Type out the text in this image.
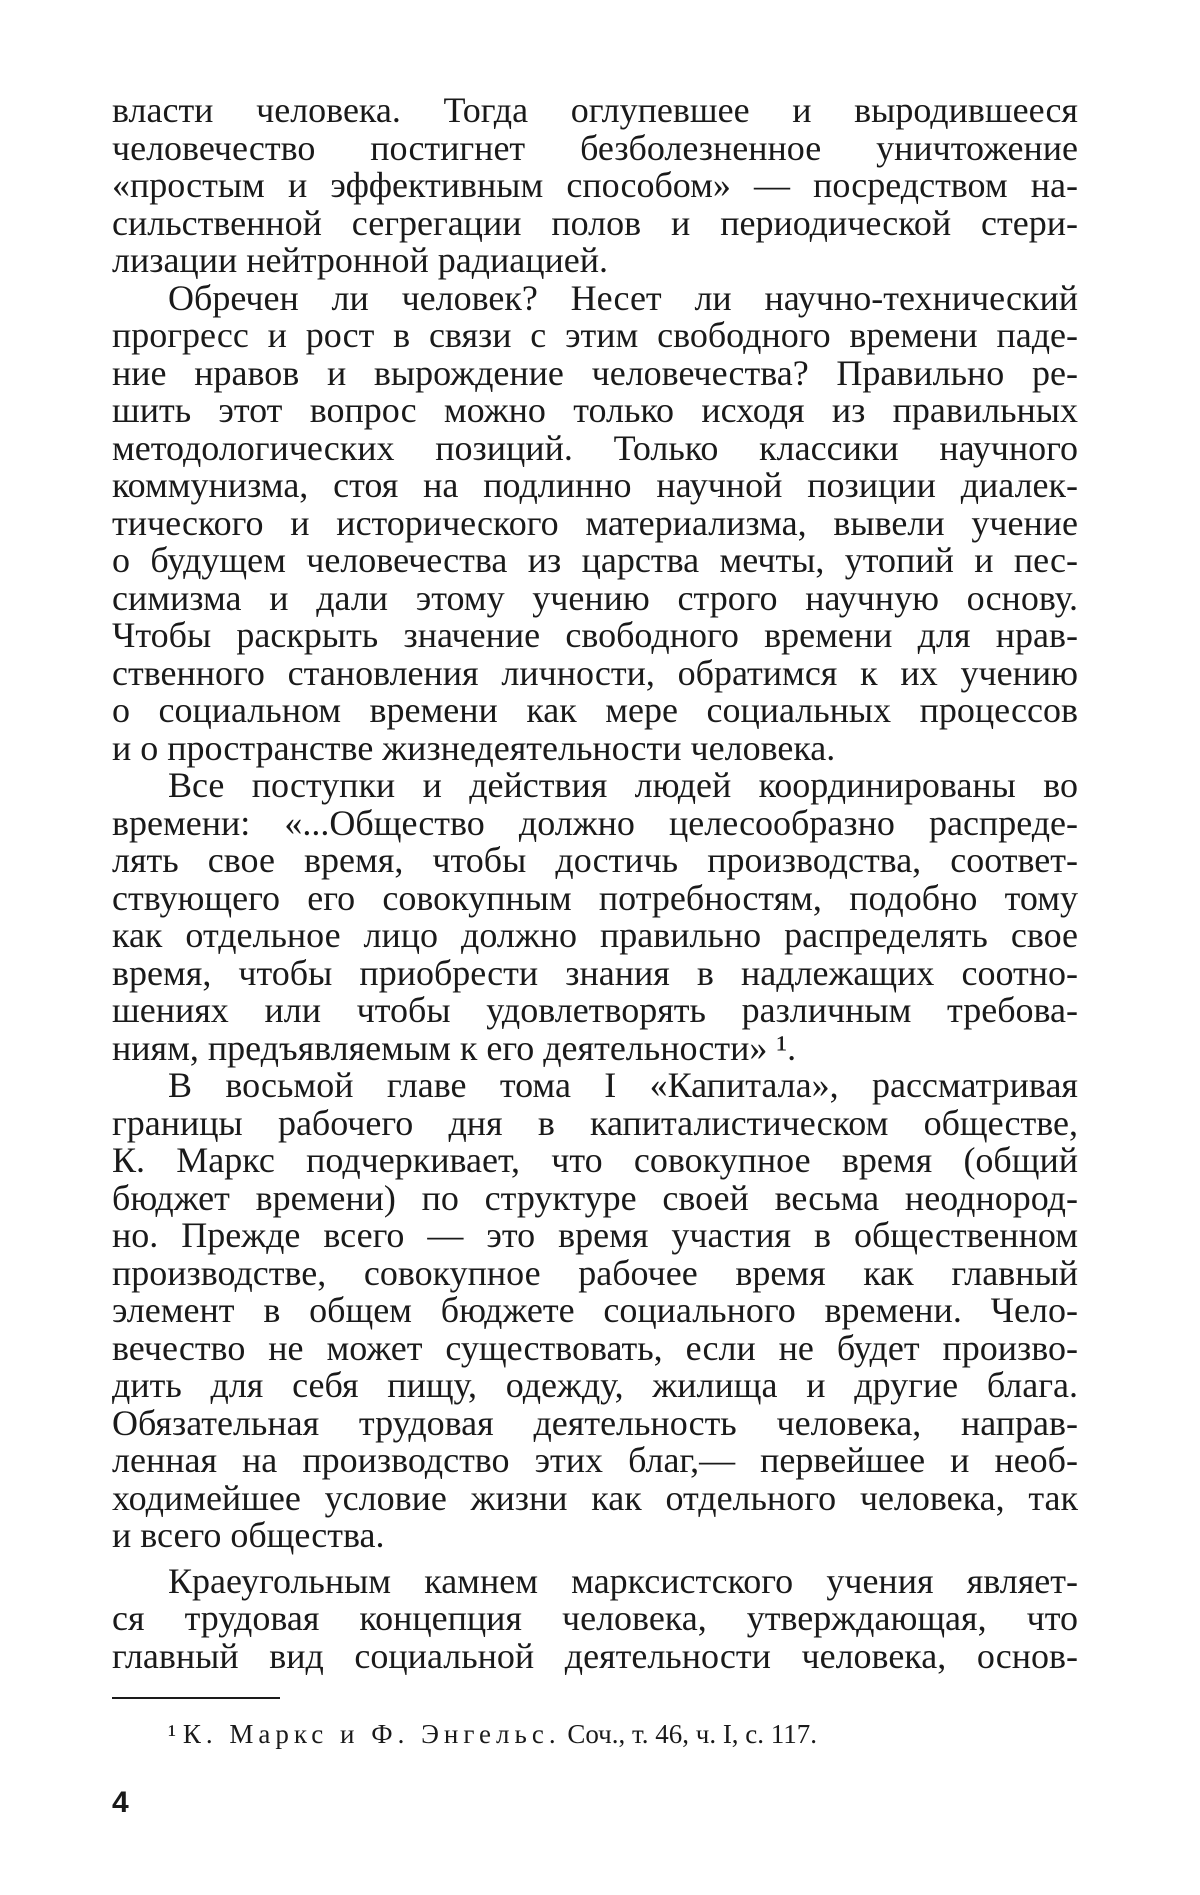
власти человека. Тогда оглупевшее и выродившееся
человечество постигнет безболезненное уничтожение
«простым и эффективным способом» — посредством на-
сильственной сегрегации полов и периодической стери-
лизации нейтронной радиацией.

Обречен ли человек? Несет ли научно-технический
прогресс и рост в связи с этим свободного времени паде-
ние нравов и вырождение человечества? Правильно ре-
шить этот вопрос можно только исходя из правильных
методологических позиций. Только классики научного
коммунизма, стоя на подлинно научной позиции диалек-
тического и исторического материализма, вывели учение
о будущем человечества из царства мечты, утопий и пес-
симизма и дали этому учению строго научную основу.
Чтобы раскрыть значение свободного времени для нрав-
ственного становления личности, обратимся к их учению
о социальном времени как мере социальных процессов
и о пространстве жизнедеятельности человека.

Все поступки и действия людей координированы во
времени: «...Общество должно целесообразно распреде-
лять свое время, чтобы достичь производства, соответ-
ствующего его совокупным потребностям, подобно тому
как отдельное лицо должно правильно распределять свое
время, чтобы приобрести знания в надлежащих соотно-
шениях или чтобы удовлетворять различным требова-
ниям, предъявляемым к его деятельности» ¹.

В восьмой главе тома I «Капитала», рассматривая
границы рабочего дня в капиталистическом обществе,
К. Маркс подчеркивает, что совокупное время (общий
бюджет времени) по структуре своей весьма неоднород-
но. Прежде всего — это время участия в общественном
производстве, совокупное рабочее время как главный
элемент в общем бюджете социального времени. Чело-
вечество не может существовать, если не будет произво-
дить для себя пищу, одежду, жилища и другие блага.
Обязательная трудовая деятельность человека, направ-
ленная на производство этих благ,— первейшее и необ-
ходимейшее условие жизни как отдельного человека, так
и всего общества.

Краеугольным камнем марксистского учения являет-
ся трудовая концепция человека, утверждающая, что
главный вид социальной деятельности человека, основ-

¹ К. Маркс и Ф. Энгельс. Соч., т. 46, ч. I, с. 117.
4
